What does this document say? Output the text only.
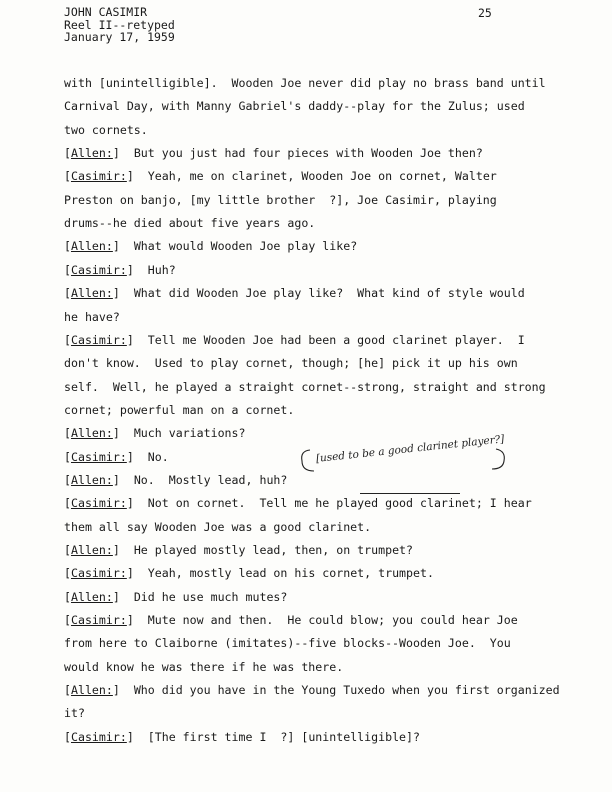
JOHN CASIMIR
Reel II--retyped
January 17, 1959
25
with [unintelligible].  Wooden Joe never did play no brass band until
Carnival Day, with Manny Gabriel's daddy--play for the Zulus; used
two cornets.
[Allen:]  But you just had four pieces with Wooden Joe then?
[Casimir:]  Yeah, me on clarinet, Wooden Joe on cornet, Walter
Preston on banjo, [my little brother  ?], Joe Casimir, playing
drums--he died about five years ago.
[Allen:]  What would Wooden Joe play like?
[Casimir:]  Huh?
[Allen:]  What did Wooden Joe play like?  What kind of style would
he have?
[Casimir:]  Tell me Wooden Joe had been a good clarinet player.  I
don't know.  Used to play cornet, though; [he] pick it up his own
self.  Well, he played a straight cornet--strong, straight and strong
cornet; powerful man on a cornet.
[Allen:]  Much variations?
[Casimir:]  No.
[Allen:]  No.  Mostly lead, huh?
[Casimir:]  Not on cornet.  Tell me he played good clarinet; I hear
them all say Wooden Joe was a good clarinet.
[Allen:]  He played mostly lead, then, on trumpet?
[Casimir:]  Yeah, mostly lead on his cornet, trumpet.
[Allen:]  Did he use much mutes?
[Casimir:]  Mute now and then.  He could blow; you could hear Joe
from here to Claiborne (imitates)--five blocks--Wooden Joe.  You
would know he was there if he was there.
[Allen:]  Who did you have in the Young Tuxedo when you first organized
it?
[Casimir:]  [The first time I  ?] [unintelligible]?
[used to be a good clarinet player?]
